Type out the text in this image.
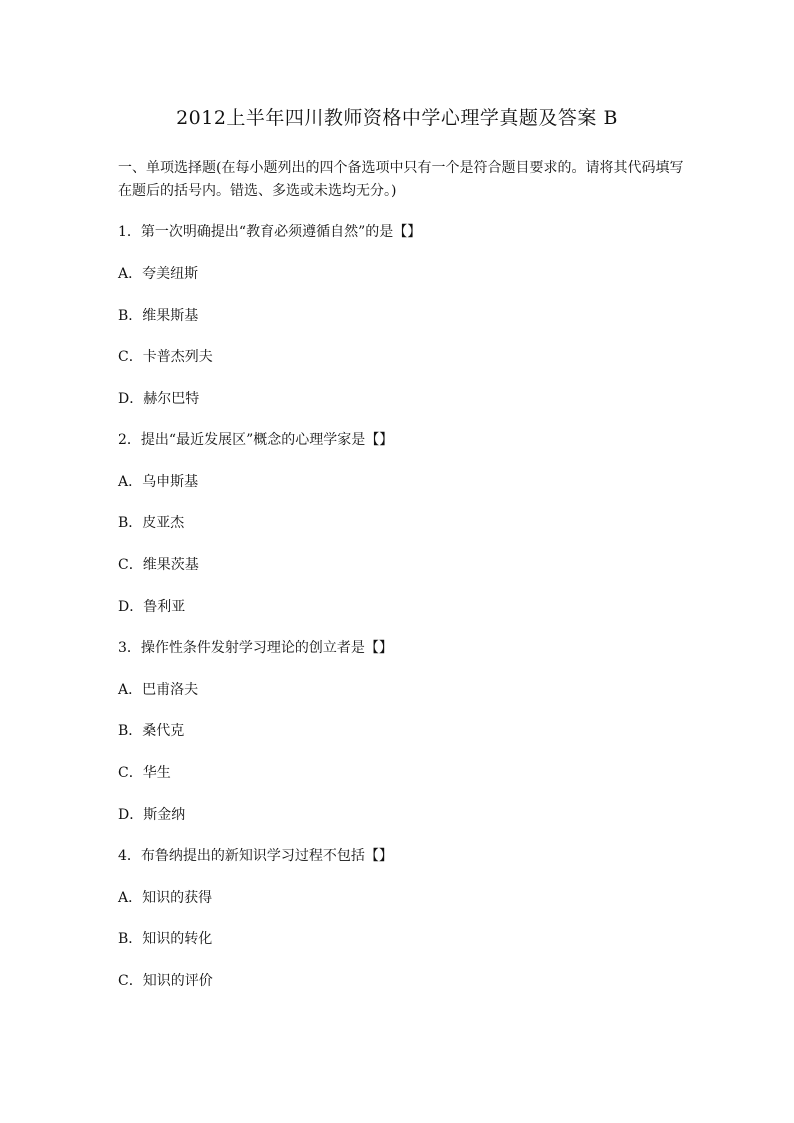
2012上半年四川教师资格中学心理学真题及答案 B
一、单项选择题(在每小题列出的四个备选项中只有一个是符合题目要求的。请将其代码填写在题后的括号内。错选、多选或未选均无分。)
1．第一次明确提出“教育必须遵循自然”的是【】
A．夸美纽斯
B．维果斯基
C．卡普杰列夫
D．赫尔巴特
2．提出“最近发展区”概念的心理学家是【】
A．乌申斯基
B．皮亚杰
C．维果茨基
D．鲁利亚
3．操作性条件发射学习理论的创立者是【】
A．巴甫洛夫
B．桑代克
C．华生
D．斯金纳
4．布鲁纳提出的新知识学习过程不包括【】
A．知识的获得
B．知识的转化
C．知识的评价
